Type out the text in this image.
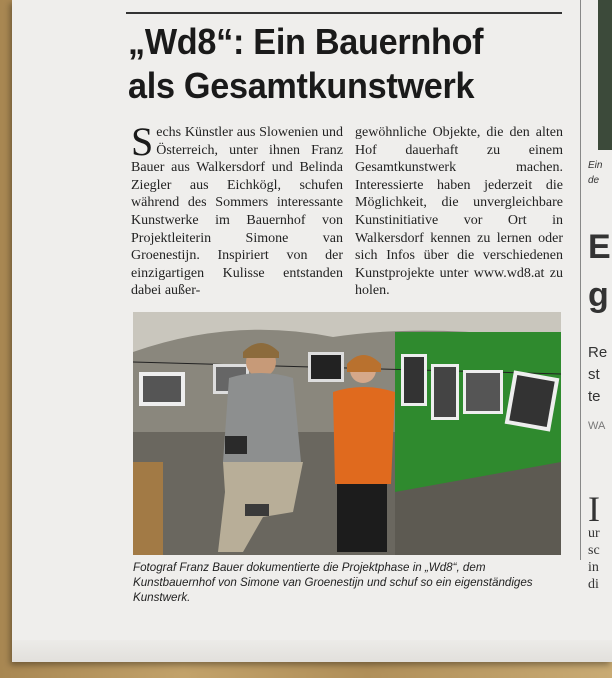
„Wd8“: Ein Bauernhof
als Gesamtkunstwerk

Sechs Künstler aus Slowenien und Österreich, unter ihnen Franz Bauer aus Walkersdorf und Belinda Ziegler aus Eichkögl, schufen während des Sommers interessante Kunstwerke im Bauernhof von Projektleiterin Simone van Groenestijn. Inspiriert von der einzigartigen Kulisse entstanden dabei außer-

gewöhnliche Objekte, die den alten Hof dauerhaft zu einem Gesamtkunstwerk machen. Interessierte haben jederzeit die Möglichkeit, die unvergleichbare Kunstinitiative vor Ort in Walkersdorf kennen zu lernen oder sich Infos über die verschiedenen Kunstprojekte unter www.wd8.at zu holen.

Fotograf Franz Bauer dokumentierte die Projektphase in „Wd8“, dem Kunstbauernhof von Simone van Groenestijn und schuf so ein eigenständiges Kunstwerk.

Ein
de
E
g
Re
st
te
WA
I
ur
sc
in
di
